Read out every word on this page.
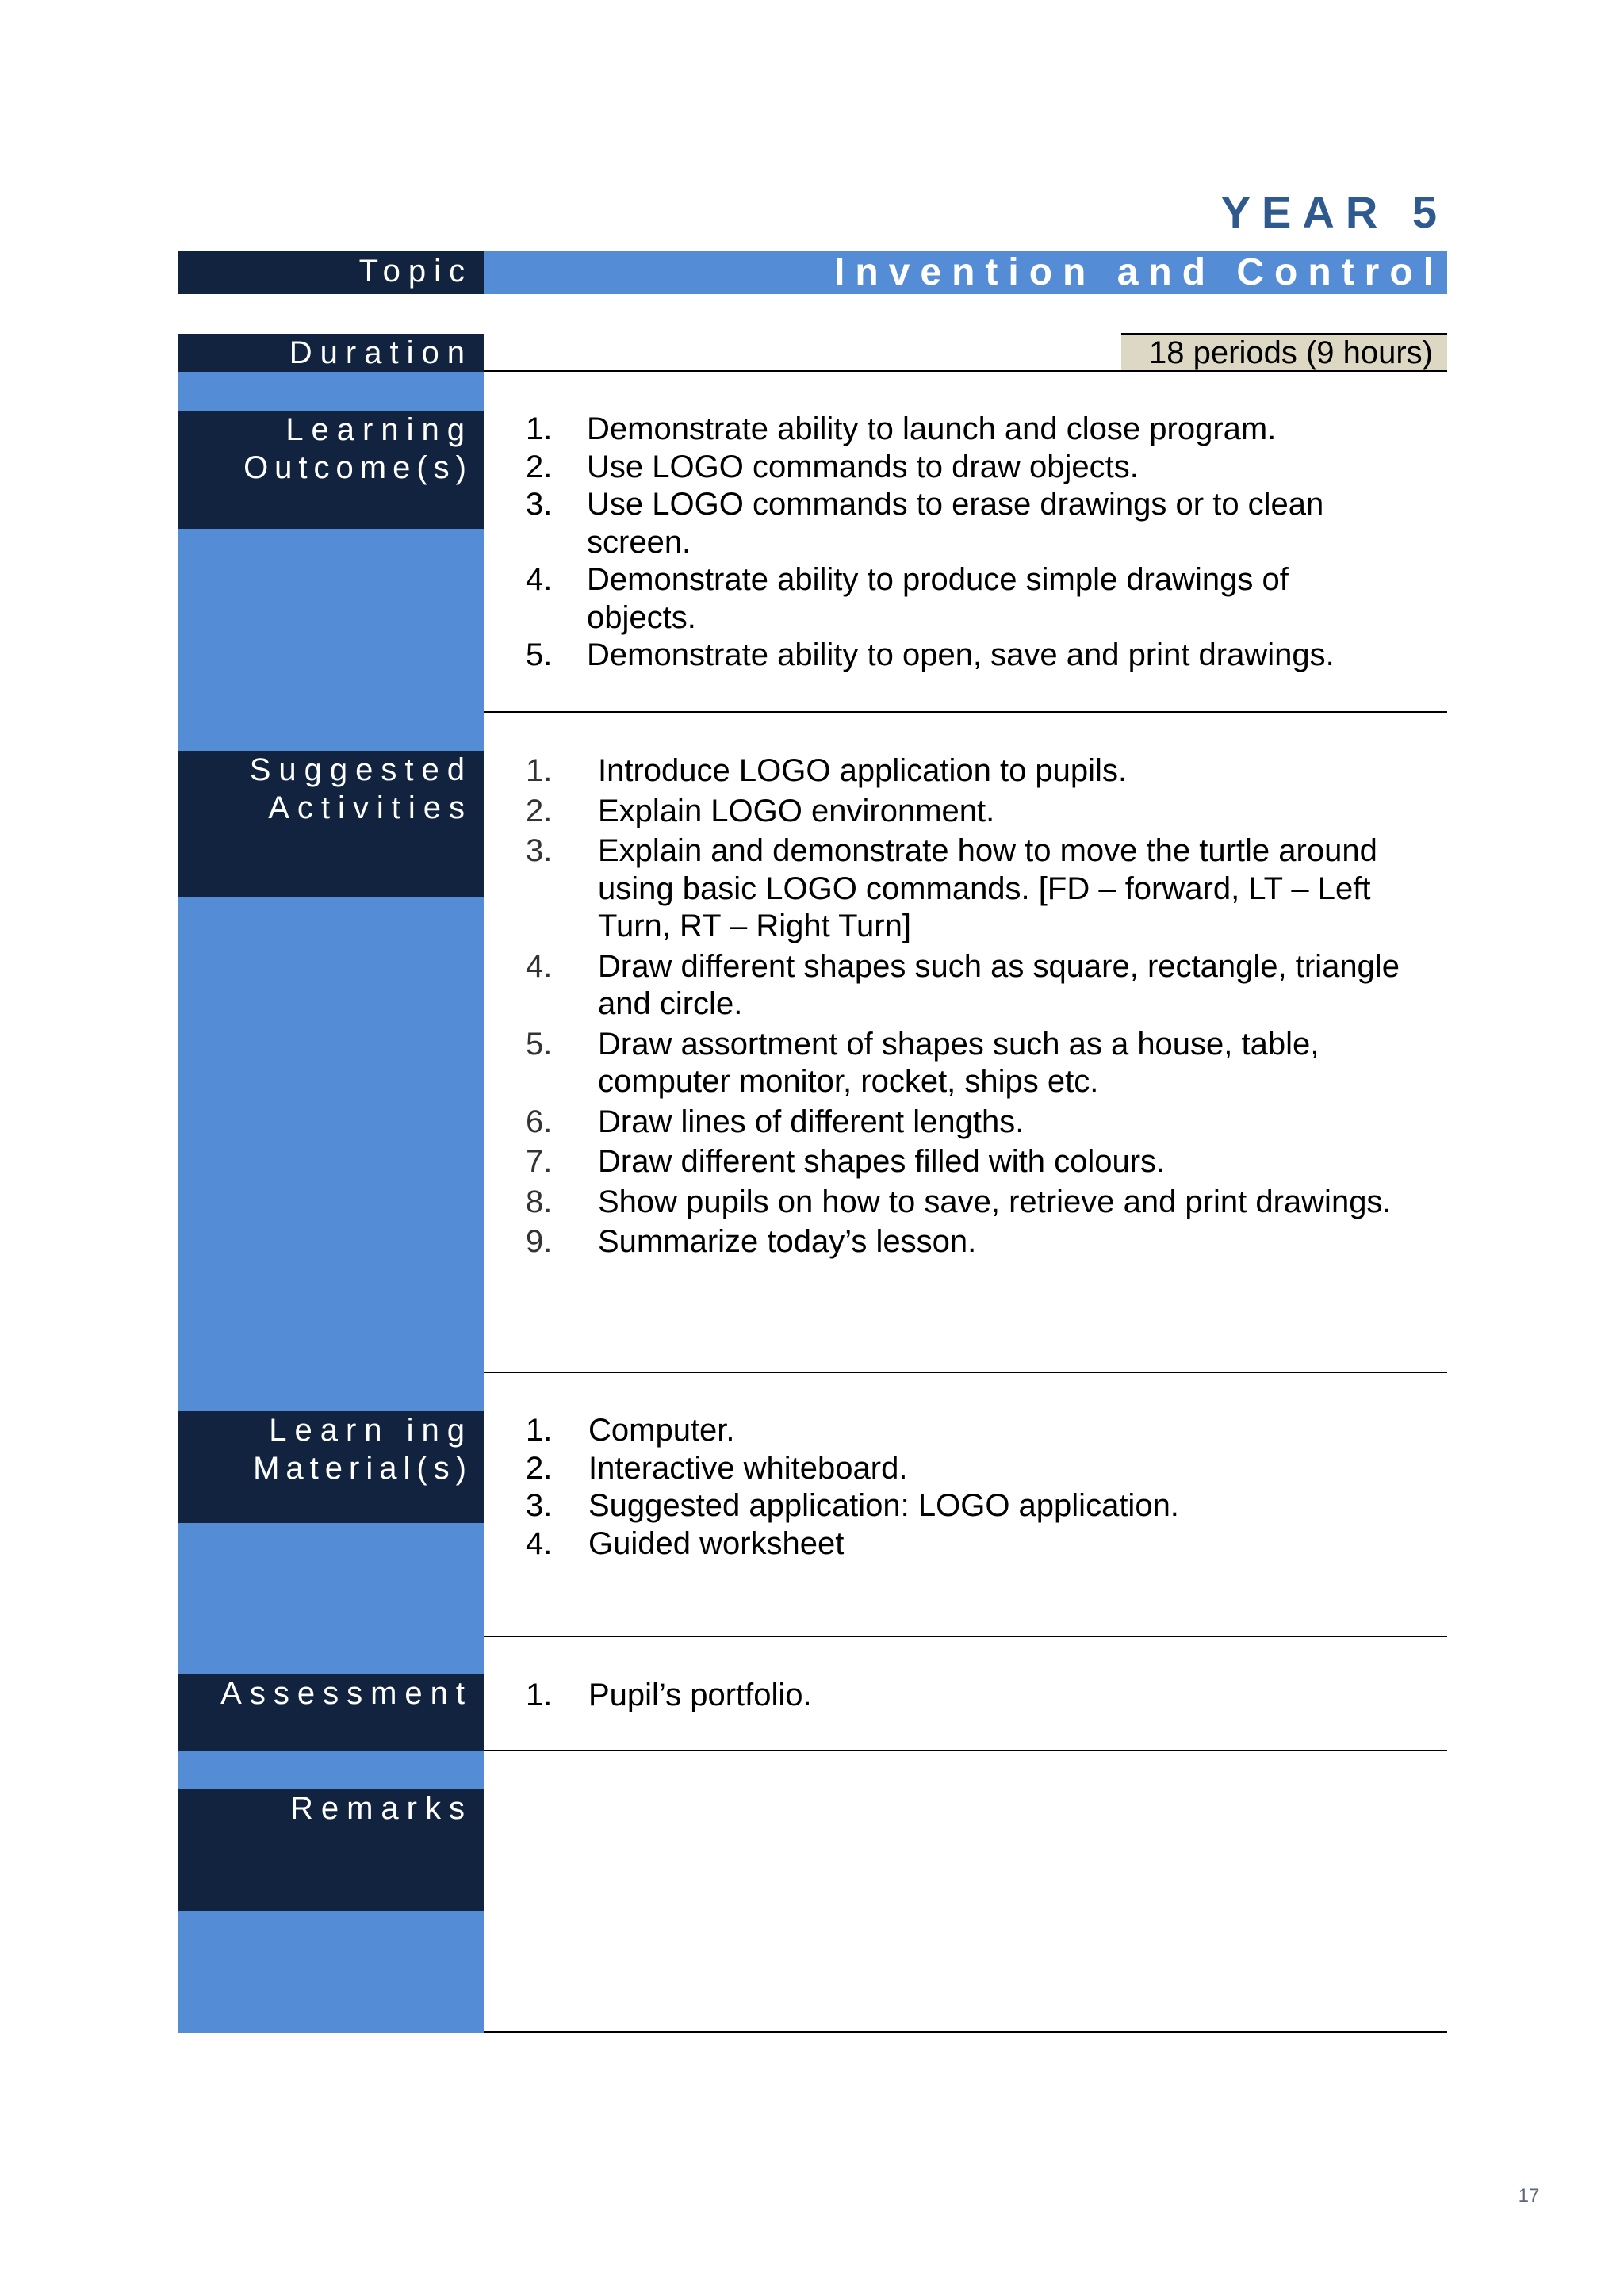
YEAR 5
Topic	Invention and Control
Duration	18 periods (9 hours)
Learning
Outcome(s)
1.	Demonstrate ability to launch and close program.
2.	Use LOGO commands to draw objects.
3.	Use LOGO commands to erase drawings or to clean screen.
4.	Demonstrate ability to produce simple drawings of objects.
5.	Demonstrate ability to open, save and print drawings.
Suggested
Activities
1.	Introduce LOGO application to pupils.
2.	Explain LOGO environment.
3.	Explain and demonstrate how to move the turtle around using basic LOGO commands. [FD – forward, LT – Left Turn, RT – Right Turn]
4.	Draw different shapes such as square, rectangle, triangle and circle.
5.	Draw assortment of shapes such as a house, table, computer monitor, rocket, ships etc.
6.	Draw lines of different lengths.
7.	Draw different shapes filled with colours.
8.	Show pupils on how to save, retrieve and print drawings.
9.	Summarize today’s lesson.
Learn ing
Material(s)
1.	Computer.
2.	Interactive whiteboard.
3.	Suggested application: LOGO application.
4.	Guided worksheet
Assessment	1.	Pupil’s portfolio.
Remarks
17
